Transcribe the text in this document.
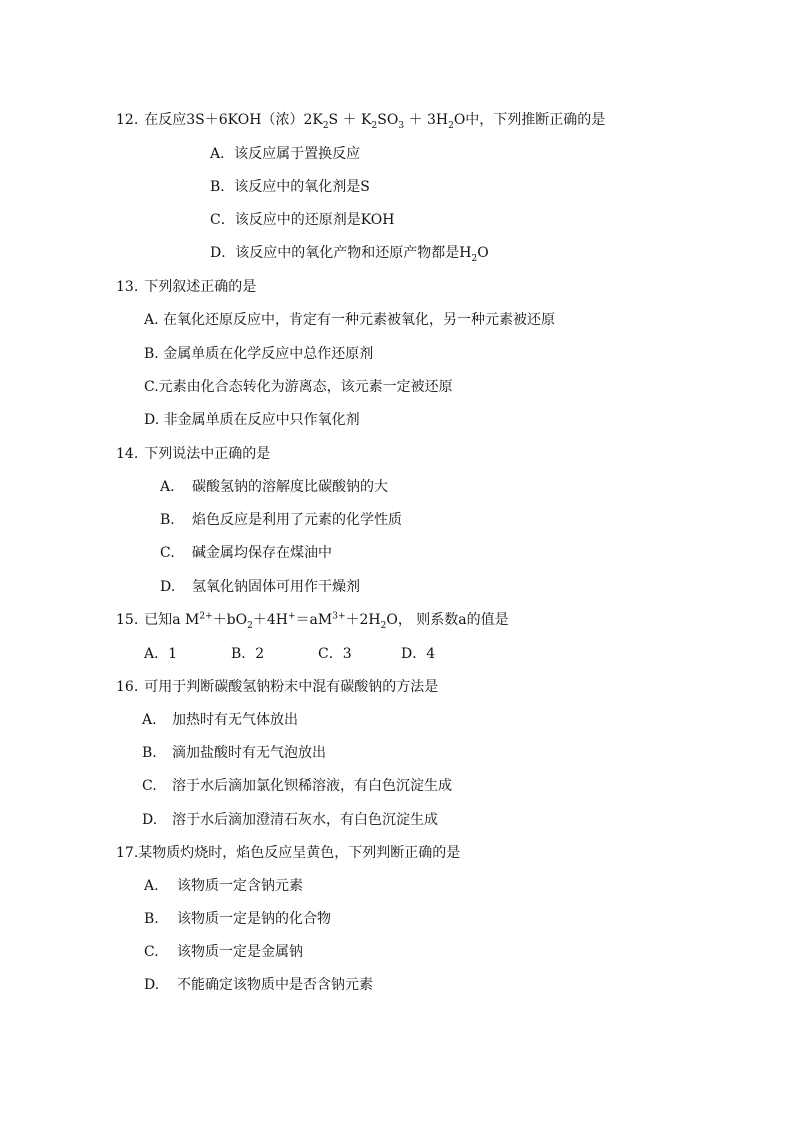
12. 在反应3S＋6KOH（浓）$2K_2S + K_2SO_3 + 3H_2O$中，下列推断正确的是
A．该反应属于置换反应
B．该反应中的氧化剂是S
C．该反应中的还原剂是KOH
D．该反应中的氧化产物和还原产物都是$H_2O$
13. 下列叙述正确的是
A. 在氧化还原反应中，肯定有一种元素被氧化，另一种元素被还原
B. 金属单质在化学反应中总作还原剂
C.元素由化合态转化为游离态，该元素一定被还原
D. 非金属单质在反应中只作氧化剂
14. 下列说法中正确的是
A. 碳酸氢钠的溶解度比碳酸钠的大
B. 焰色反应是利用了元素的化学性质
C. 碱金属均保存在煤油中
D. 氢氧化钠固体可用作干燥剂
15. 已知a $M^{2+}+bO_2+4H^+=aM^{3+}+2H_2O$， 则系数a的值是
A．1	B．2	C．3	D．4
16. 可用于判断碳酸氢钠粉末中混有碳酸钠的方法是
A. 加热时有无气体放出
B. 滴加盐酸时有无气泡放出
C. 溶于水后滴加氯化钡稀溶液，有白色沉淀生成
D. 溶于水后滴加澄清石灰水，有白色沉淀生成
17.某物质灼烧时，焰色反应呈黄色，下列判断正确的是
A. 该物质一定含钠元素
B. 该物质一定是钠的化合物
C. 该物质一定是金属钠
D. 不能确定该物质中是否含钠元素
